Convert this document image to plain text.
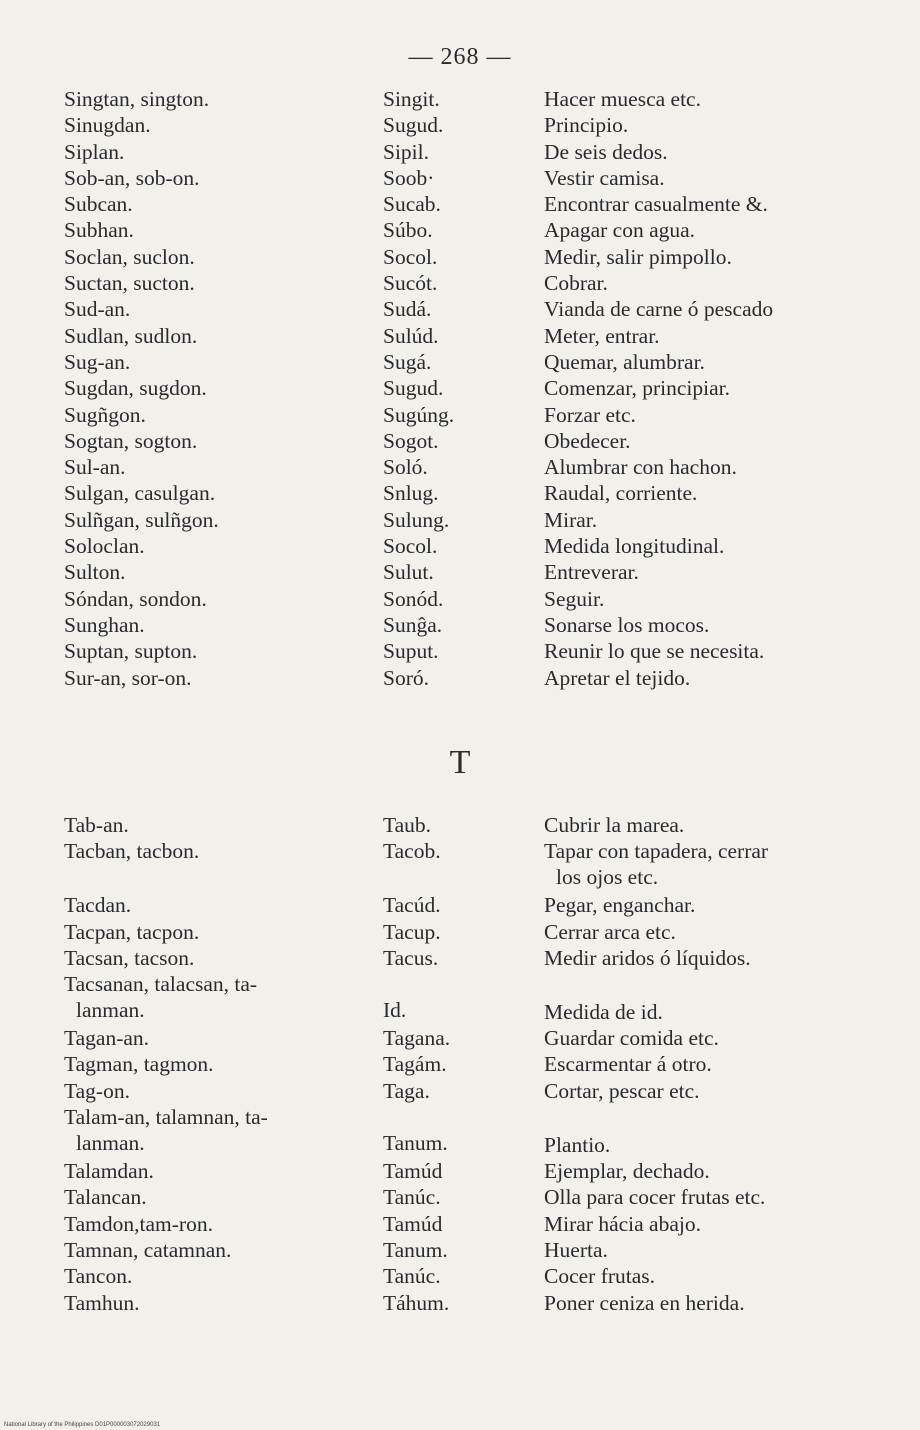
— 268 —
Singtan, sington.	Singit.	Hacer muesca etc.
Sinugdan.	Sugud.	Principio.
Siplan.	Sipil.	De seis dedos.
Sob-an, sob-on.	Soob·	Vestir camisa.
Subcan.	Sucab.	Encontrar casualmente &.
Subhan.	Súbo.	Apagar con agua.
Soclan, suclon.	Socol.	Medir, salir pimpollo.
Suctan, sucton.	Sucót.	Cobrar.
Sud-an.	Sudá.	Vianda de carne ó pescado
Sudlan, sudlon.	Sulúd.	Meter, entrar.
Sug-an.	Sugá.	Quemar, alumbrar.
Sugdan, sugdon.	Sugud.	Comenzar, principiar.
Sugñgon.	Sugúng.	Forzar etc.
Sogtan, sogton.	Sogot.	Obedecer.
Sul-an.	Soló.	Alumbrar con hachon.
Sulgan, casulgan.	Snlug.	Raudal, corriente.
Sulñgan, sulñgon.	Sulung.	Mirar.
Soloclan.	Socol.	Medida longitudinal.
Sulton.	Sulut.	Entreverar.
Sóndan, sondon.	Sonód.	Seguir.
Sunghan.	Sunĝa.	Sonarse los mocos.
Suptan, supton.	Suput.	Reunir lo que se necesita.
Sur-an, sor-on.	Soró.	Apretar el tejido.
T
Tab-an.	Taub.	Cubrir la marea.
Tacban, tacbon.	Tacob.	Tapar con tapadera, cerrar
los ojos etc.
Tacdan.	Tacúd.	Pegar, enganchar.
Tacpan, tacpon.	Tacup.	Cerrar arca etc.
Tacsan, tacson.	Tacus.	Medir aridos ó líquidos.
Tacsanan, talacsan, ta-
lanman.	Id.	Medida de id.
Tagan-an.	Tagana.	Guardar comida etc.
Tagman, tagmon.	Tagám.	Escarmentar á otro.
Tag-on.	Taga.	Cortar, pescar etc.
Talam-an, talamnan, ta-
lanman.	Tanum.	Plantio.
Talamdan.	Tamúd	Ejemplar, dechado.
Talancan.	Tanúc.	Olla para cocer frutas etc.
Tamdon,tam-ron.	Tamúd	Mirar hácia abajo.
Tamnan, catamnan.	Tanum.	Huerta.
Tancon.	Tanúc.	Cocer frutas.
Tamhun.	Táhum.	Poner ceniza en herida.
National Library of the Philippines D01P000003072029031
